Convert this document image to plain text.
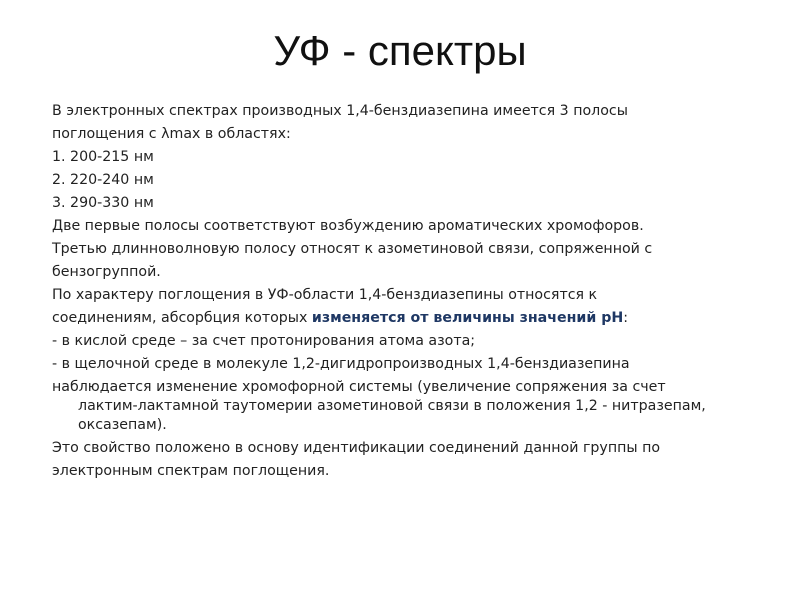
УФ - спектры
В электронных спектрах производных 1,4-бенздиазепина имеется 3 полосы
поглощения с λmax в областях:
1. 200-215 нм
2. 220-240 нм
3. 290-330 нм
Две первые полосы соответствуют возбуждению ароматических хромофоров.
Третью длинноволновую полосу относят к азометиновой связи, сопряженной с
бензогруппой.
По характеру поглощения в УФ-области 1,4-бенздиазепины относятся к
соединениям, абсорбция которых изменяется от величины значений рН:
- в кислой среде – за счет протонирования атома азота;
- в щелочной среде в молекуле 1,2-дигидропроизводных 1,4-бенздиазепина
наблюдается изменение хромофорной системы (увеличение сопряжения за счет
лактим-лактамной таутомерии азометиновой связи в положения 1,2 - нитразепам,
оксазепам).
Это свойство положено в основу идентификации соединений данной группы по
электронным спектрам поглощения.
